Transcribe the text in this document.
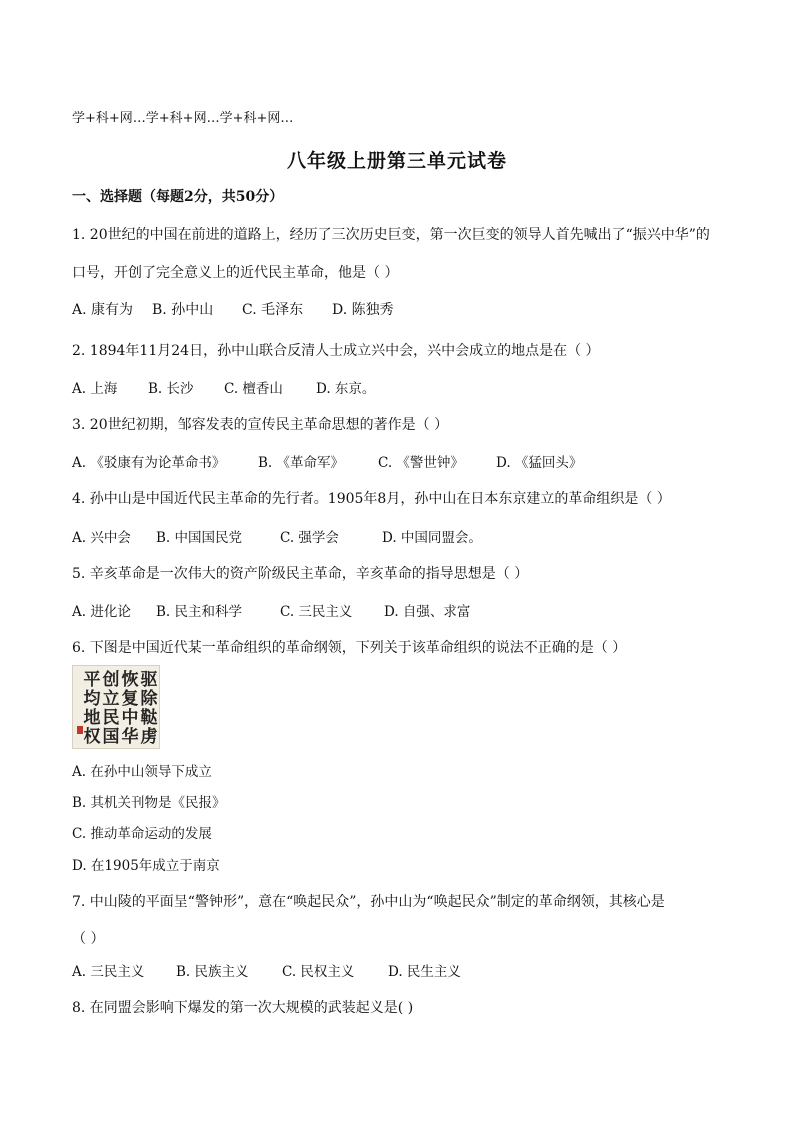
学+科+网…学+科+网…学+科+网…
八年级上册第三单元试卷
一、选择题（每题2分，共50分）
1. 20世纪的中国在前进的道路上，经历了三次历史巨变，第一次巨变的领导人首先喊出了“振兴中华”的
口号，开创了完全意义上的近代民主革命，他是（ ）
A. 康有为 B. 孙中山 C. 毛泽东 D. 陈独秀
2. 1894年11月24日，孙中山联合反清人士成立兴中会，兴中会成立的地点是在（ ）
A. 上海 B. 长沙 C. 檀香山 D. 东京。
3. 20世纪初期，邹容发表的宣传民主革命思想的著作是（ ）
A. 《驳康有为论革命书》 B. 《革命军》	C. 《警世钟》 D. 《猛回头》
4. 孙中山是中国近代民主革命的先行者。1905年8月，孙中山在日本东京建立的革命组织是（ ）
A. 兴中会 B. 中国国民党	C. 强学会	D. 中国同盟会。
5. 辛亥革命是一次伟大的资产阶级民主革命，辛亥革命的指导思想是（ ）
A. 进化论 B. 民主和科学	C. 三民主义 D. 自强、求富
6. 下图是中国近代某一革命组织的革命纲领，下列关于该革命组织的说法不正确的是（ ）
驱
除
鞑
虏
恢
复
中
华
创
立
民
国
平
均
地
权
A. 在孙中山领导下成立
B. 其机关刊物是《民报》
C. 推动革命运动的发展
D. 在1905年成立于南京
7. 中山陵的平面呈“警钟形”，意在“唤起民众”，孙中山为“唤起民众”制定的革命纲领，其核心是
（ ）
A. 三民主义 B. 民族主义 C. 民权主义 D. 民生主义
8. 在同盟会影响下爆发的第一次大规模的武装起义是( )
